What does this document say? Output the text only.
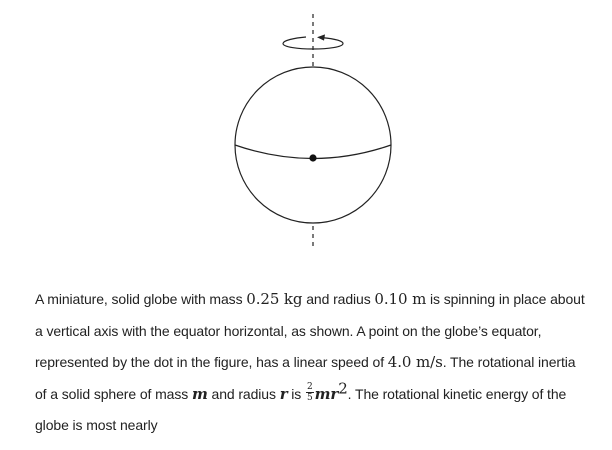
A miniature, solid globe with mass 0.25 kg and radius 0.10 m is spinning in place about
a vertical axis with the equator horizontal, as shown. A point on the globe’s equator,
represented by the dot in the figure, has a linear speed of 4.0 m/s. The rotational inertia
of a solid sphere of mass m and radius r is $\frac{2}{5} mr^2$. The rotational kinetic energy of the
globe is most nearly
